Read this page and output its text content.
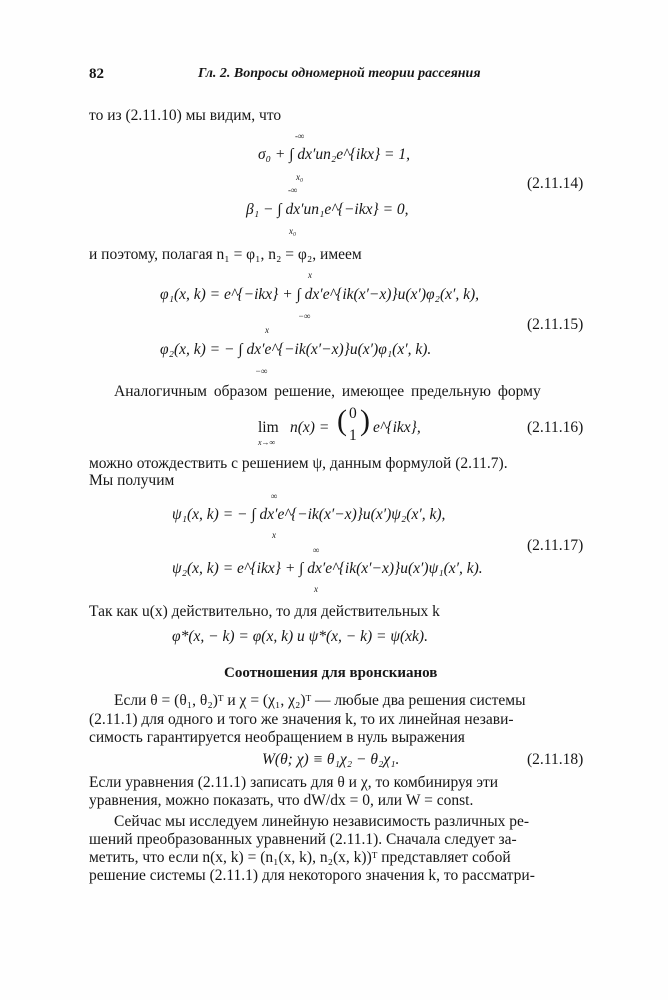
82	Гл. 2. Вопросы одномерной теории рассеяния
то из (2.11.10) мы видим, что
-∞
σ₀ + ∫ dx′un₂e^{ikx} = 1,
x₀
-∞
β₁ − ∫ dx′un₁e^{−ikx} = 0,
x₀
(2.11.14)
и поэтому, полагая n₁ = φ₁, n₂ = φ₂, имеем
x
φ₁(x, k) = e^{−ikx} + ∫ dx′e^{ik(x′−x)}u(x′)φ₂(x′, k),
−∞
x
φ₂(x, k) = − ∫ dx′e^{−ik(x′−x)}u(x′)φ₁(x′, k).
−∞
(2.11.15)
Аналогичным образом решение, имеющее предельную форму
lim
x→∞
n(x) = ( 0
1 ) e^{ikx},	(2.11.16)
можно отождествить с решением ψ, данным формулой (2.11.7).
Мы получим
∞
ψ₁(x, k) = − ∫ dx′e^{−ik(x′−x)}u(x′)ψ₂(x′, k),
x
∞
ψ₂(x, k) = e^{ikx} + ∫ dx′e^{ik(x′−x)}u(x′)ψ₁(x′, k).
x
(2.11.17)
Так как u(x) действительно, то для действительных k
φ*(x, − k) = φ(x, k) и ψ*(x, − k) = ψ(xk).
Соотношения для вронскианов
Если θ = (θ₁, θ₂)ᵀ и χ = (χ₁, χ₂)ᵀ — любые два решения системы
(2.11.1) для одного и того же значения k, то их линейная незави-
симость гарантируется необращением в нуль выражения
W(θ; χ) ≡ θ₁χ₂ − θ₂χ₁.	(2.11.18)
Если уравнения (2.11.1) записать для θ и χ, то комбинируя эти
уравнения, можно показать, что dW/dx = 0, или W = const.
Сейчас мы исследуем линейную независимость различных ре-
шений преобразованных уравнений (2.11.1). Сначала следует за-
метить, что если n(x, k) = (n₁(x, k), n₂(x, k))ᵀ представляет собой
решение системы (2.11.1) для некоторого значения k, то рассматри-
